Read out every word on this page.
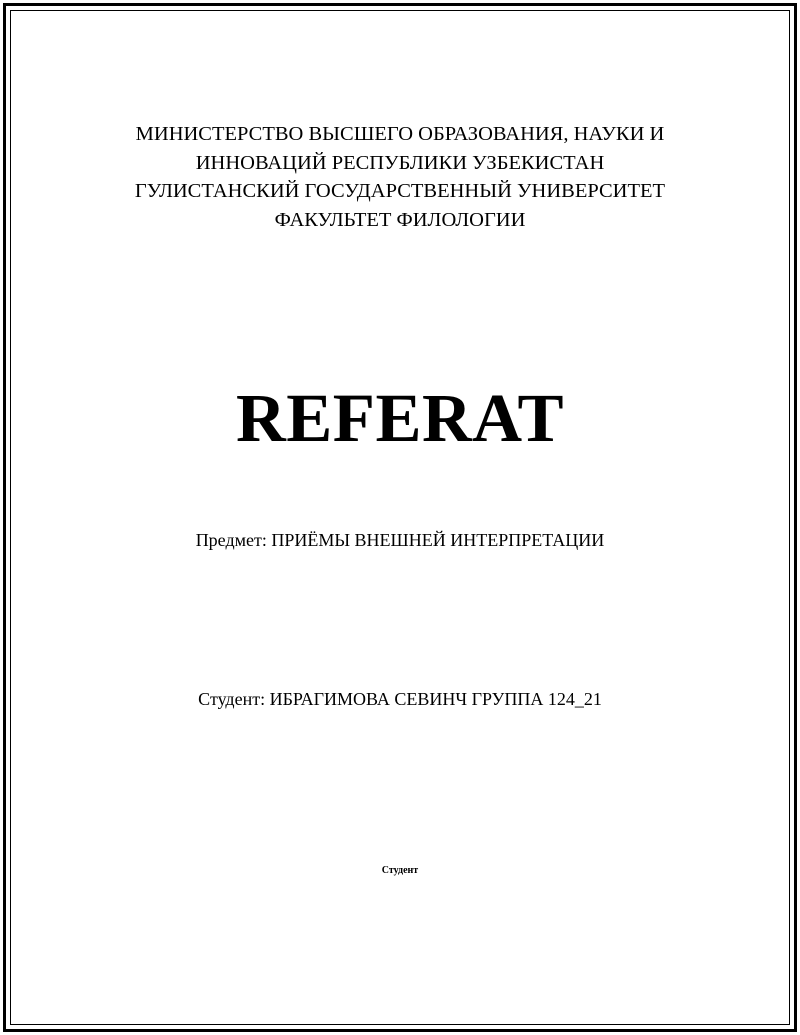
МИНИСТЕРСТВО ВЫСШЕГО ОБРАЗОВАНИЯ, НАУКИ И
ИННОВАЦИЙ РЕСПУБЛИКИ УЗБЕКИСТАН
ГУЛИСТАНСКИЙ ГОСУДАРСТВЕННЫЙ УНИВЕРСИТЕТ
ФАКУЛЬТЕТ ФИЛОЛОГИИ
REFERAT
Предмет: ПРИЁМЫ ВНЕШНЕЙ ИНТЕРПРЕТАЦИИ
Студент: ИБРАГИМОВА СЕВИНЧ ГРУППА 124_21
Студент
